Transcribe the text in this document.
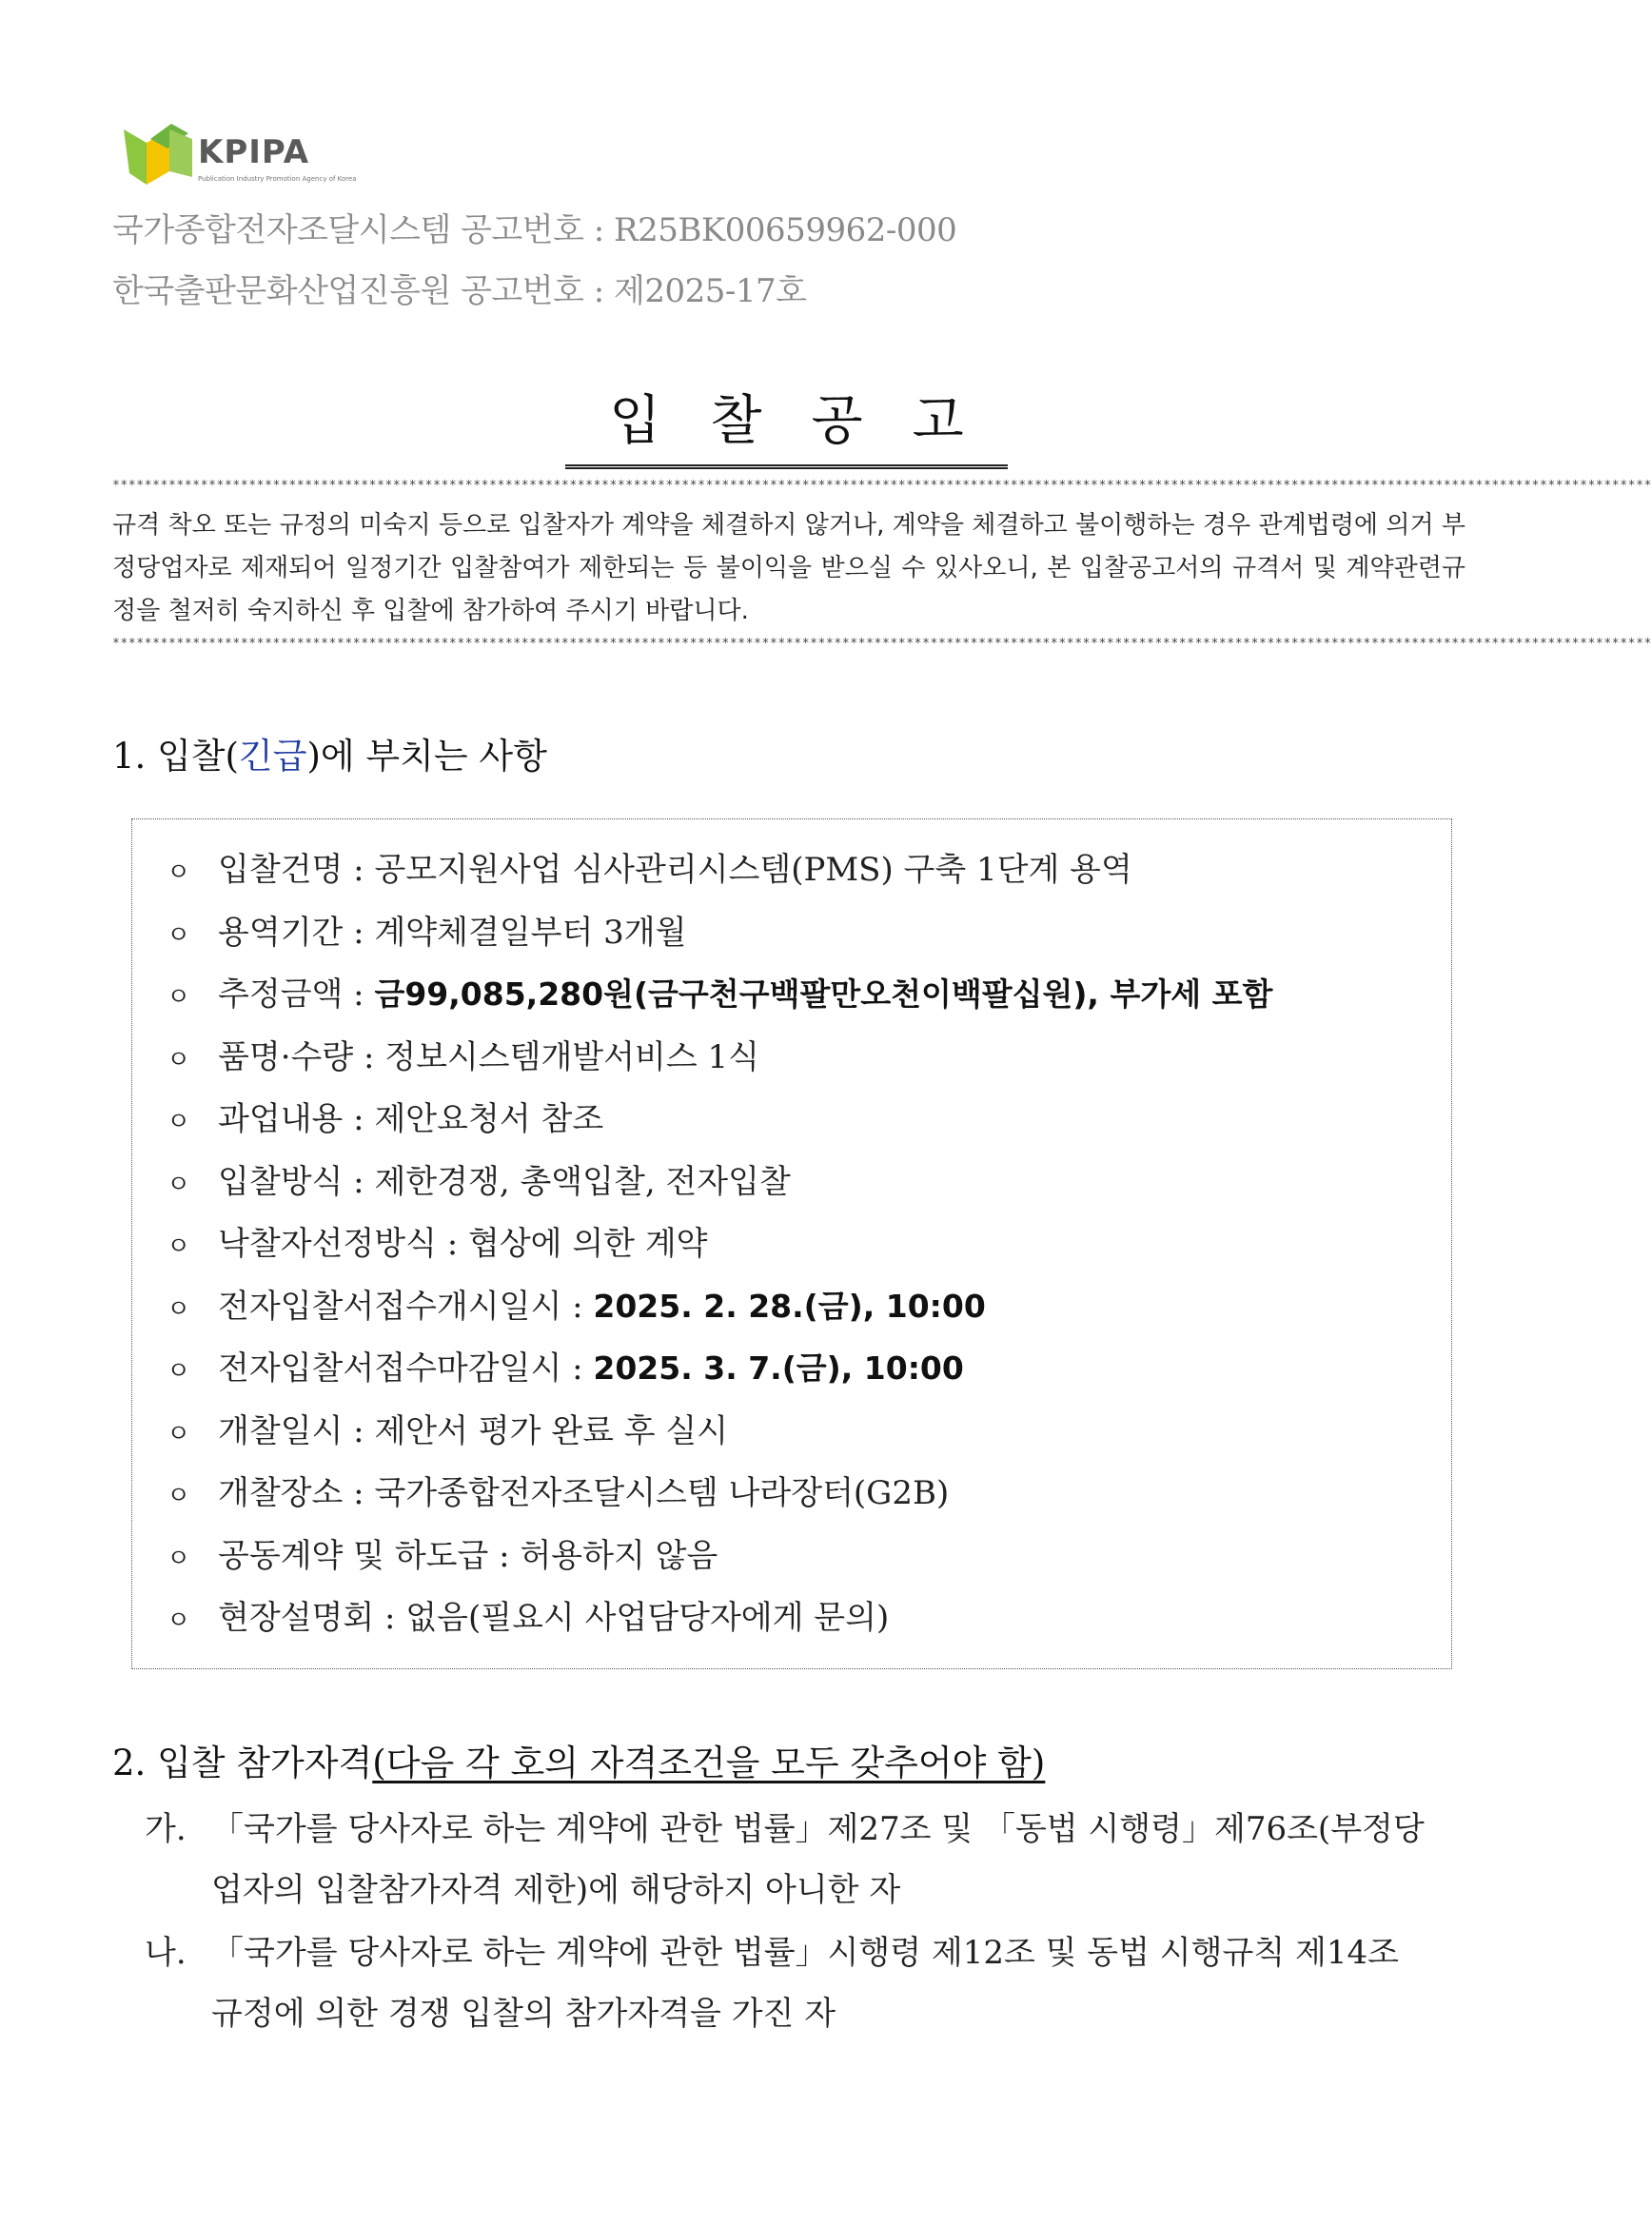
KPIPA
Publication Industry Promotion Agency of Korea
국가종합전자조달시스템 공고번호 : R25BK00659962-000
한국출판문화산업진흥원 공고번호 : 제2025-17호
입 찰 공 고
************************************************************************************************************************************************************************************************
규격 착오 또는 규정의 미숙지 등으로 입찰자가 계약을 체결하지 않거나, 계약을 체결하고 불이행하는 경우 관계법령에 의거 부정당업자로 제재되어 일정기간 입찰참여가 제한되는 등 불이익을 받으실 수 있사오니, 본 입찰공고서의 규격서 및 계약관련규정을 철저히 숙지하신 후 입찰에 참가하여 주시기 바랍니다.
************************************************************************************************************************************************************************************************
1. 입찰(긴급)에 부치는 사항
ㅇ 입찰건명 : 공모지원사업 심사관리시스템(PMS) 구축 1단계 용역
ㅇ 용역기간 : 계약체결일부터 3개월
ㅇ 추정금액 : 금99,085,280원(금구천구백팔만오천이백팔십원), 부가세 포함
ㅇ 품명·수량 : 정보시스템개발서비스 1식
ㅇ 과업내용 : 제안요청서 참조
ㅇ 입찰방식 : 제한경쟁, 총액입찰, 전자입찰
ㅇ 낙찰자선정방식 : 협상에 의한 계약
ㅇ 전자입찰서접수개시일시 : 2025. 2. 28.(금), 10:00
ㅇ 전자입찰서접수마감일시 : 2025. 3. 7.(금), 10:00
ㅇ 개찰일시 : 제안서 평가 완료 후 실시
ㅇ 개찰장소 : 국가종합전자조달시스템 나라장터(G2B)
ㅇ 공동계약 및 하도급 : 허용하지 않음
ㅇ 현장설명회 : 없음(필요시 사업담당자에게 문의)
2. 입찰 참가자격(다음 각 호의 자격조건을 모두 갖추어야 함)
가. 「국가를 당사자로 하는 계약에 관한 법률」제27조 및 「동법 시행령」제76조(부정당
업자의 입찰참가자격 제한)에 해당하지 아니한 자
나. 「국가를 당사자로 하는 계약에 관한 법률」시행령 제12조 및 동법 시행규칙 제14조
규정에 의한 경쟁 입찰의 참가자격을 가진 자
